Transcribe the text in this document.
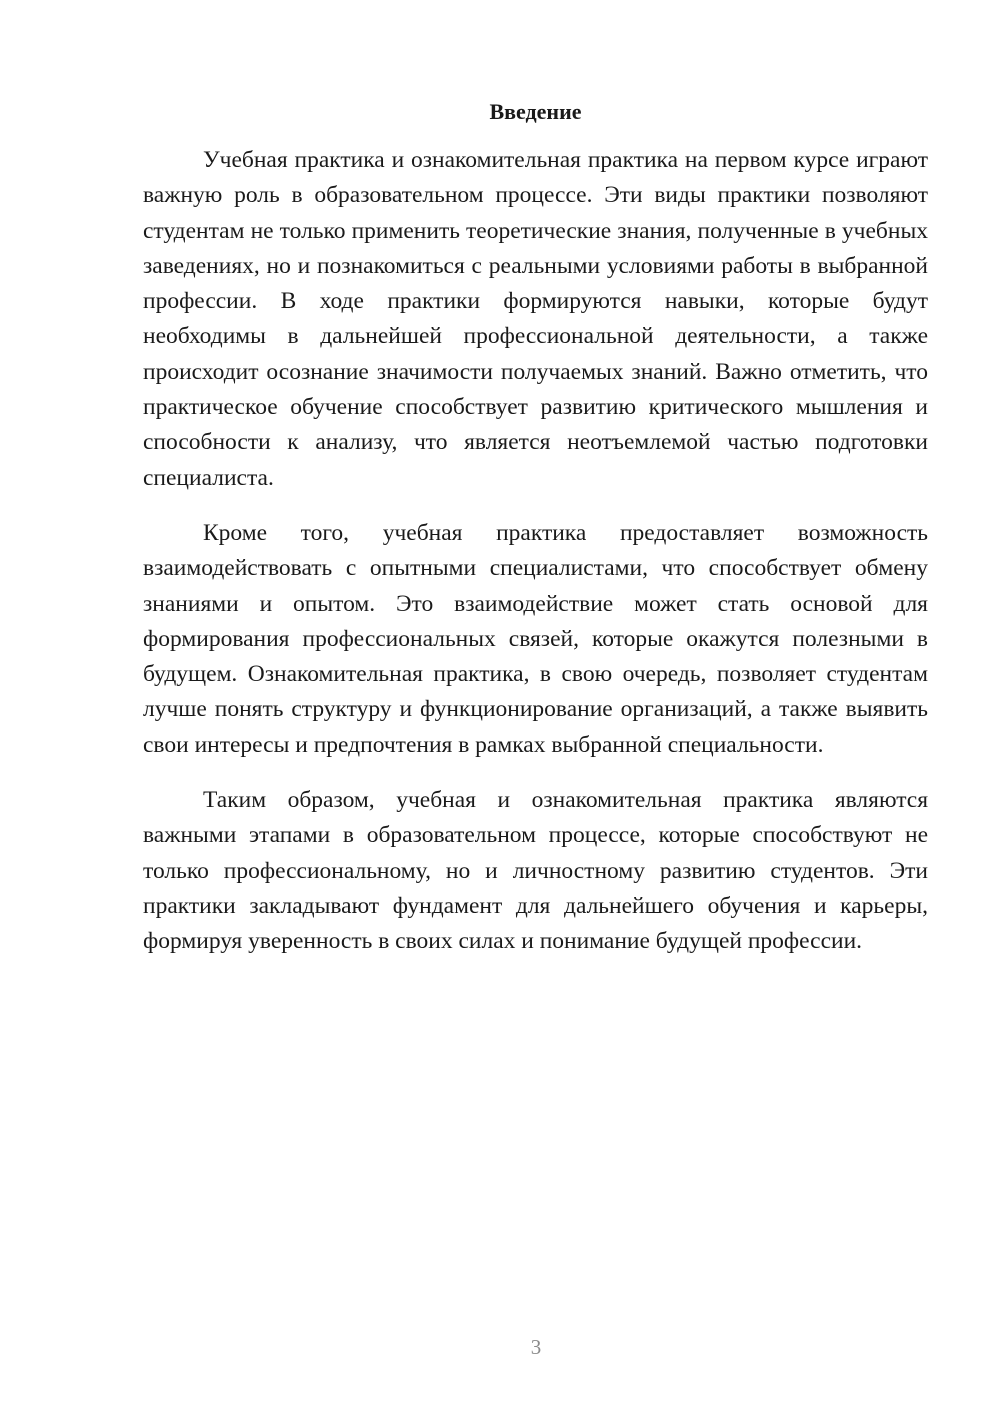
Введение

Учебная практика и ознакомительная практика на первом курсе играют важную роль в образовательном процессе. Эти виды практики позволяют студентам не только применить теоретические знания, полученные в учебных заведениях, но и познакомиться с реальными условиями работы в выбранной профессии. В ходе практики формируются навыки, которые будут необходимы в дальнейшей профессиональной деятельности, а также происходит осознание значимости получаемых знаний. Важно отметить, что практическое обучение способствует развитию критического мышления и способности к анализу, что является неотъемлемой частью подготовки специалиста.

Кроме того, учебная практика предоставляет возможность взаимодействовать с опытными специалистами, что способствует обмену знаниями и опытом. Это взаимодействие может стать основой для формирования профессиональных связей, которые окажутся полезными в будущем. Ознакомительная практика, в свою очередь, позволяет студентам лучше понять структуру и функционирование организаций, а также выявить свои интересы и предпочтения в рамках выбранной специальности.

Таким образом, учебная и ознакомительная практика являются важными этапами в образовательном процессе, которые способствуют не только профессиональному, но и личностному развитию студентов. Эти практики закладывают фундамент для дальнейшего обучения и карьеры, формируя уверенность в своих силах и понимание будущей профессии.

3
